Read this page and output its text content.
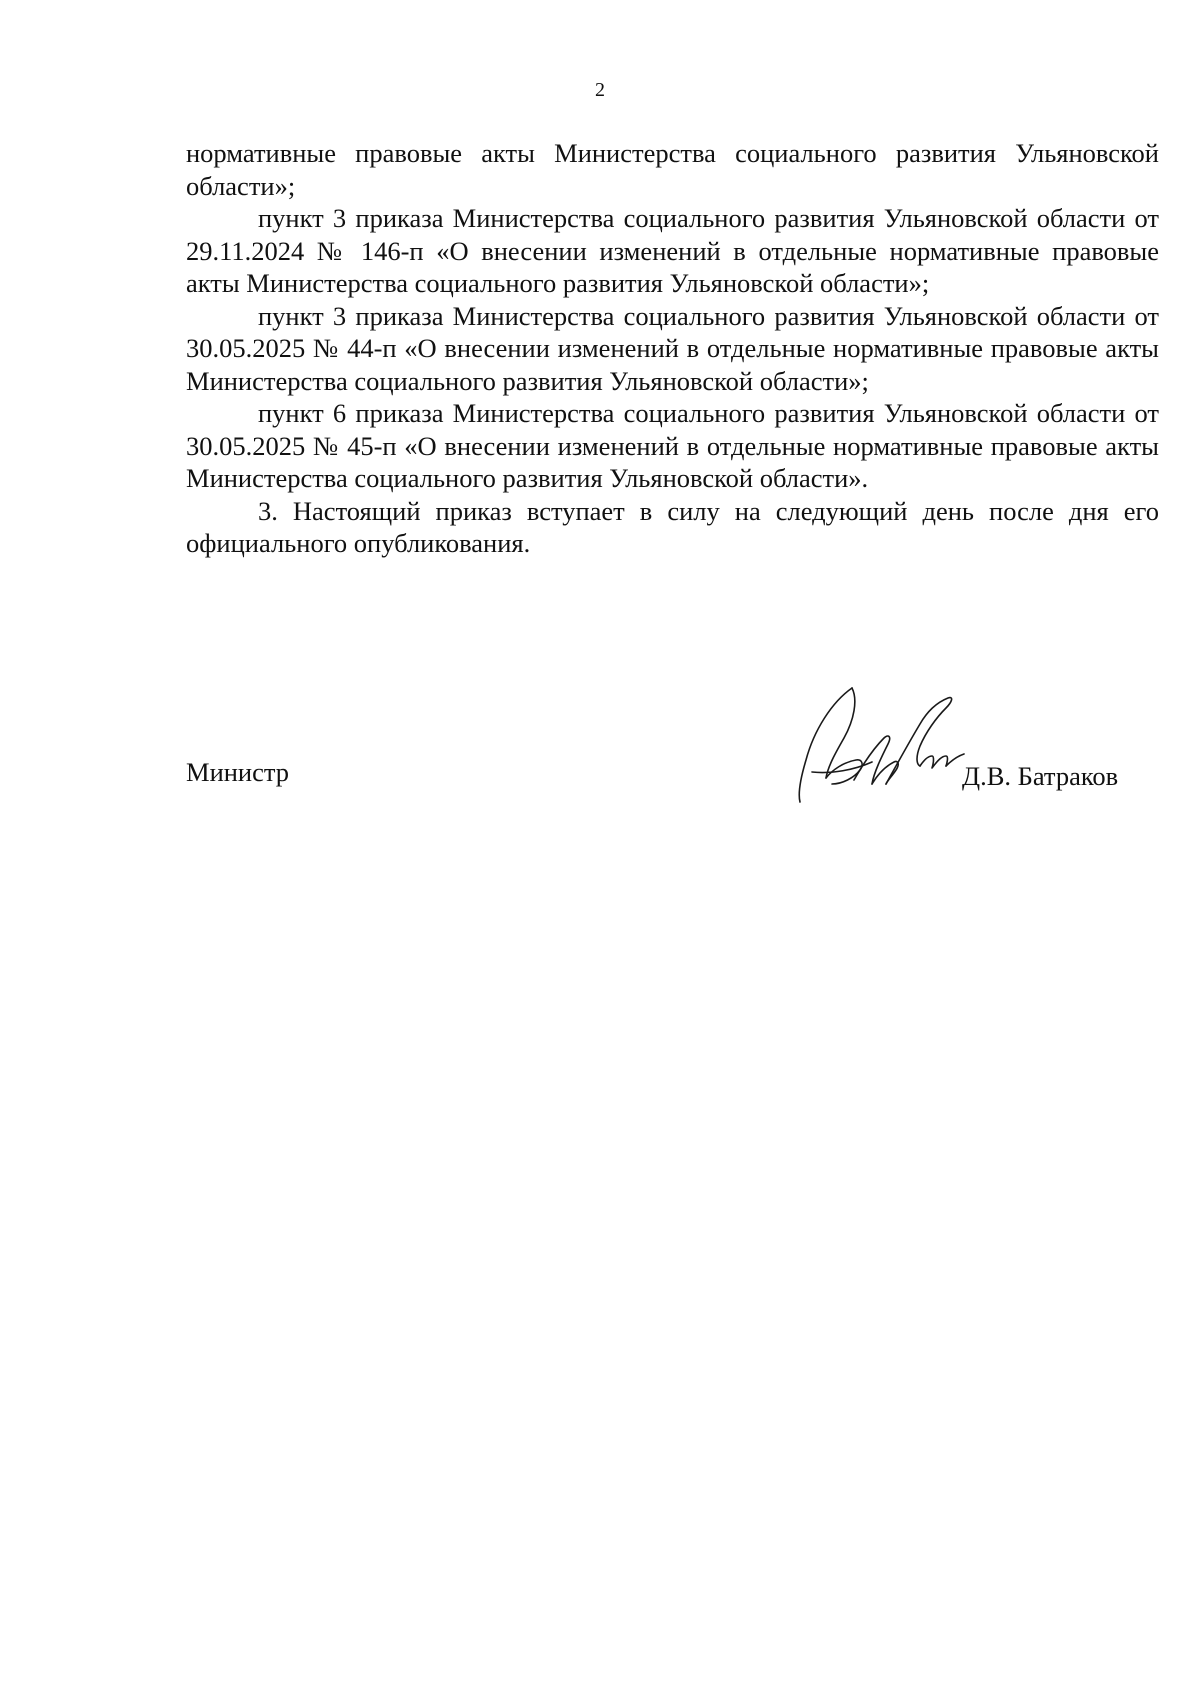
2

нормативные правовые акты Министерства социального развития Ульяновской области»;

пункт 3 приказа Министерства социального развития Ульяновской области от 29.11.2024 № 146-п «О внесении изменений в отдельные нормативные правовые акты Министерства социального развития Ульяновской области»;

пункт 3 приказа Министерства социального развития Ульяновской области от 30.05.2025 № 44-п «О внесении изменений в отдельные нормативные правовые акты Министерства социального развития Ульяновской области»;

пункт 6 приказа Министерства социального развития Ульяновской области от 30.05.2025 № 45-п «О внесении изменений в отдельные нормативные правовые акты Министерства социального развития Ульяновской области».

3. Настоящий приказ вступает в силу на следующий день после дня его официального опубликования.

Министр	Д.В. Батраков
